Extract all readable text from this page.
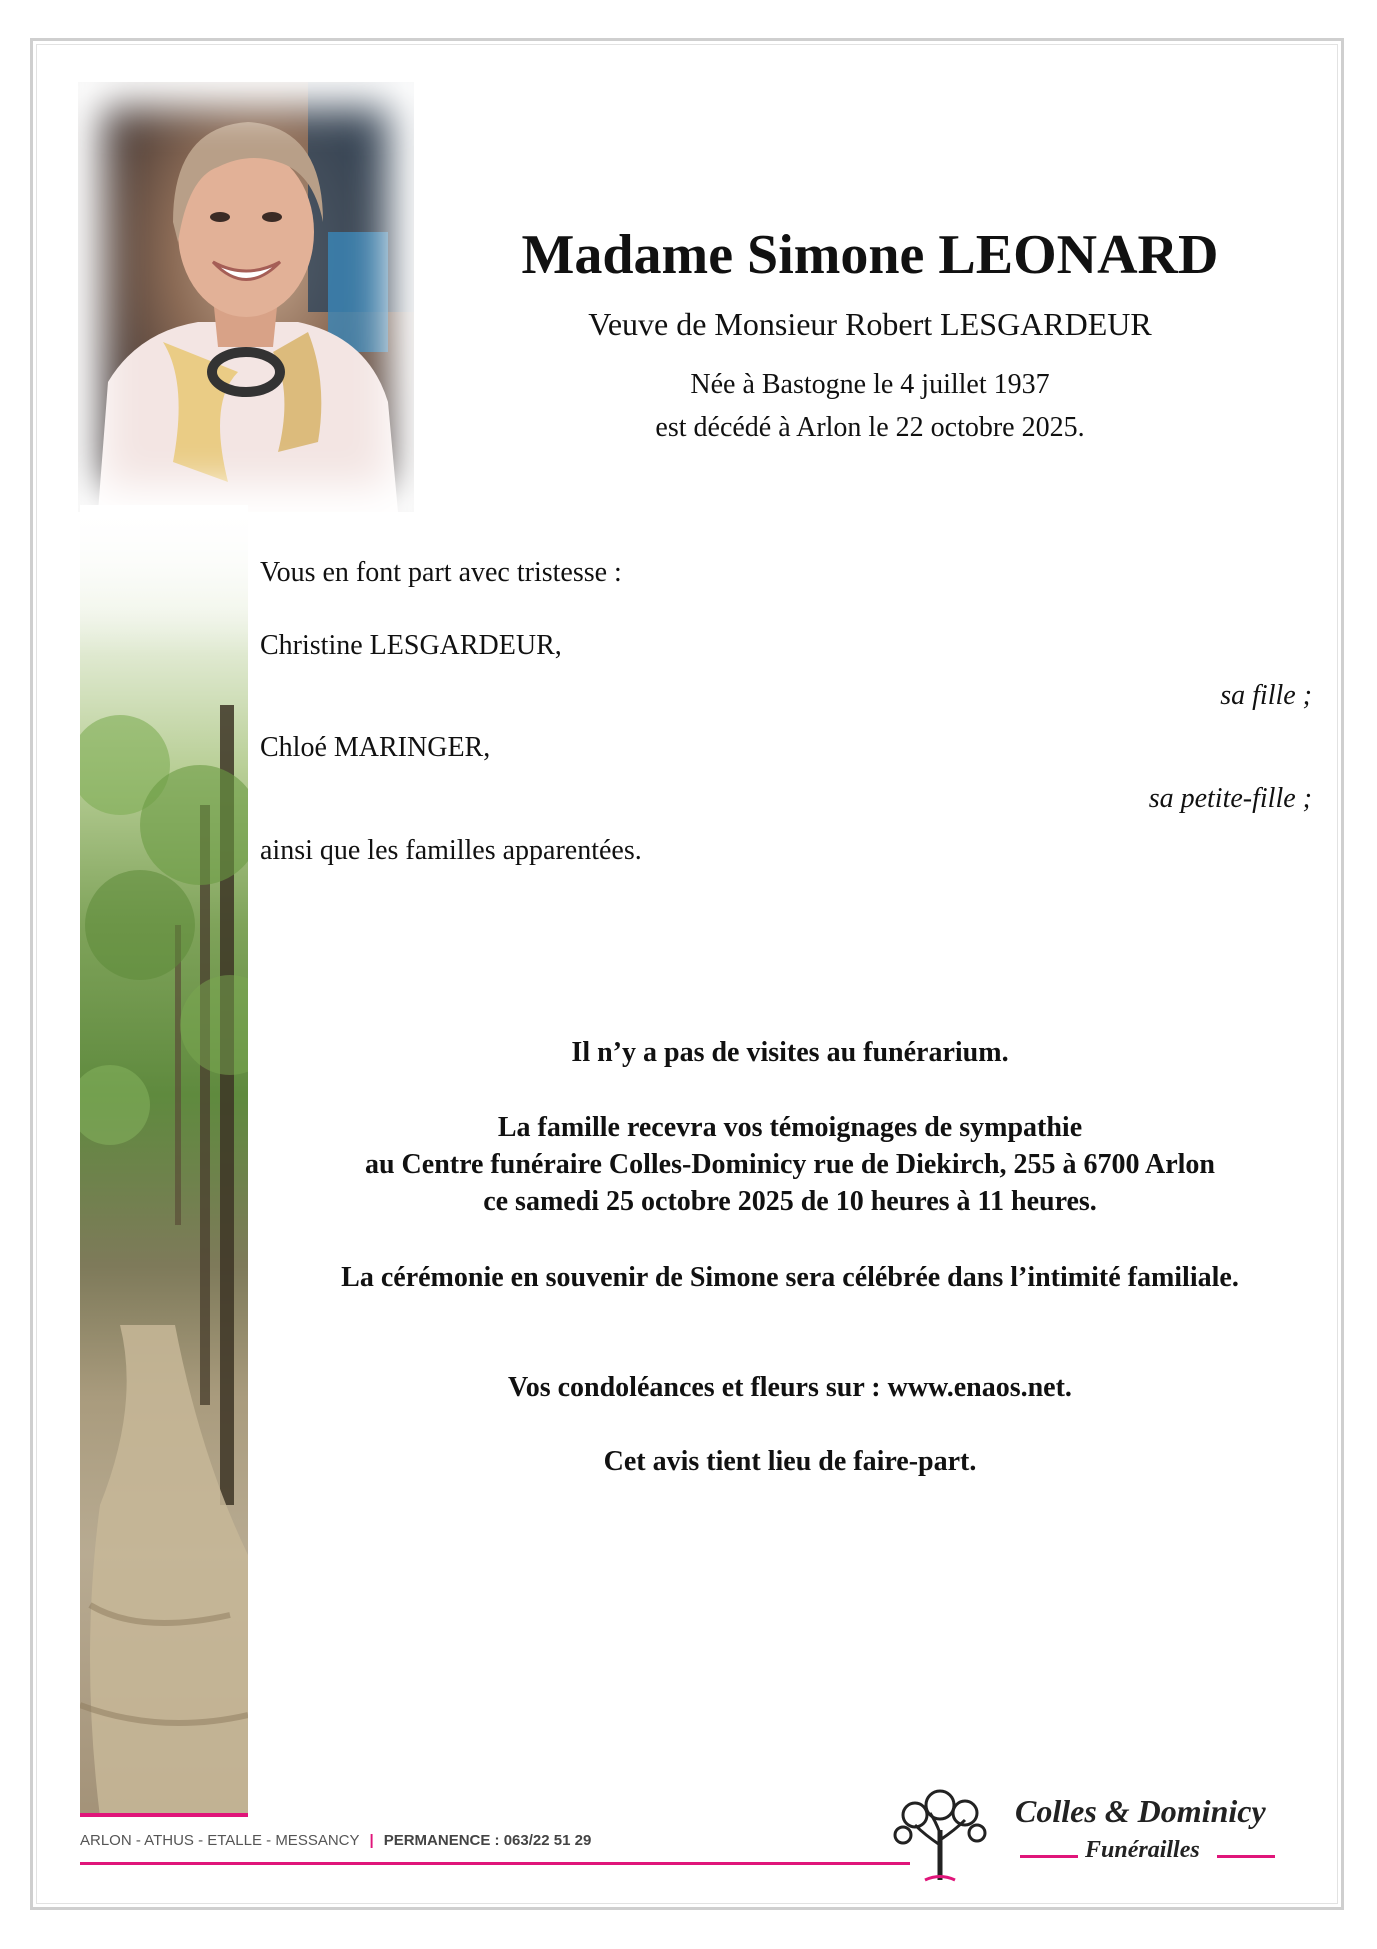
Madame Simone LEONARD
Veuve de Monsieur Robert LESGARDEUR
Née à Bastogne le 4 juillet 1937
est décédé à Arlon le 22 octobre 2025.
Vous en font part avec tristesse :
Christine LESGARDEUR,
sa fille ;
Chloé MARINGER,
sa petite-fille ;
ainsi que les familles apparentées.
Il n’y a pas de visites au funérarium.
La famille recevra vos témoignages de sympathie
au Centre funéraire Colles-Dominicy rue de Diekirch, 255 à 6700 Arlon
ce samedi 25 octobre 2025 de 10 heures à 11 heures.
La cérémonie en souvenir de Simone sera célébrée dans l’intimité familiale.
Vos condoléances et fleurs sur : www.enaos.net.
Cet avis tient lieu de faire-part.
ARLON - ATHUS - ETALLE - MESSANCY | PERMANENCE : 063/22 51 29
Colles & Dominicy
Funérailles
